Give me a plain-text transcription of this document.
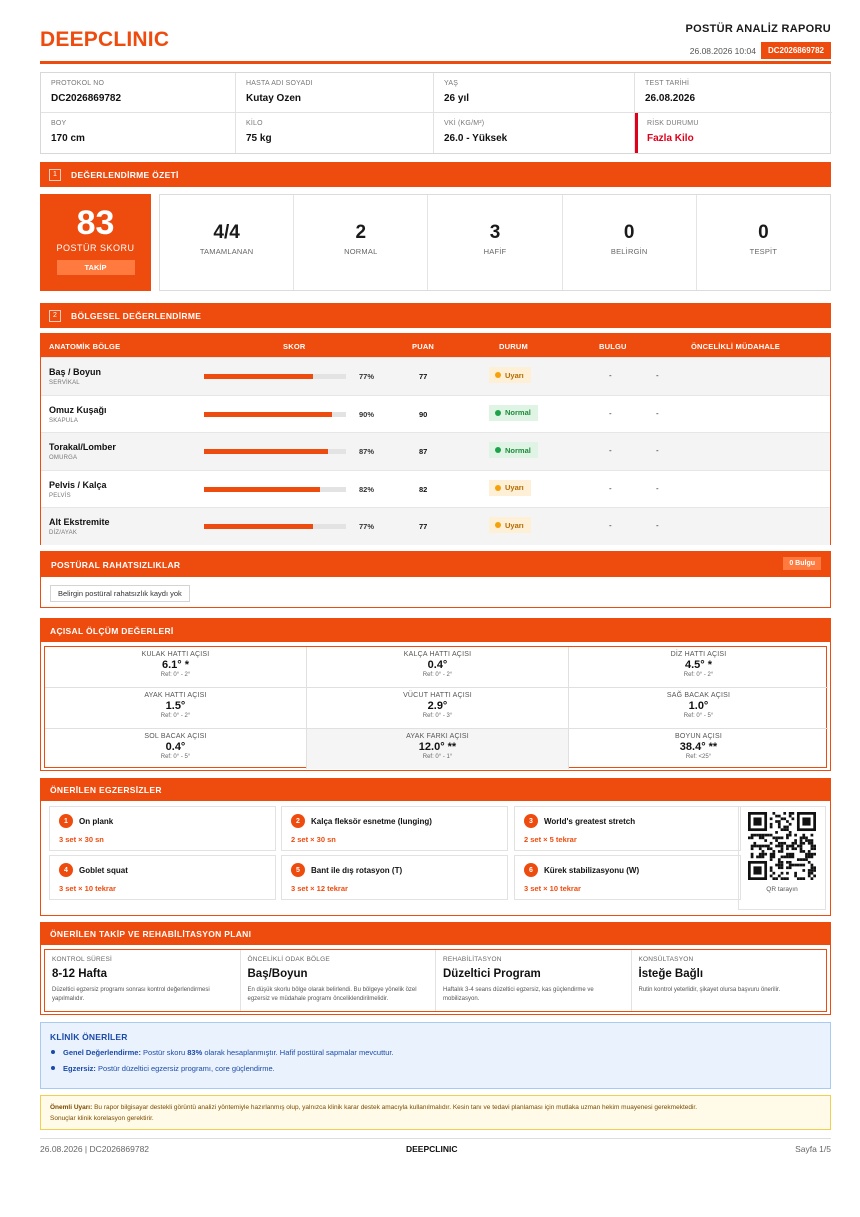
DEEPCLINIC	POSTÜR ANALİZ RAPORU
26.08.2026 10:04	DC2026869782
PROTOKOL NO
DC2026869782
HASTA ADI SOYADI
Kutay Ozen
YAŞ
26 yıl
TEST TARİHİ
26.08.2026
BOY
170 cm
KİLO
75 kg
VKİ (KG/M²)
26.0 - Yüksek
RİSK DURUMU
Fazla Kilo
1	DEĞERLENDİRME ÖZETİ
83
POSTÜR SKORU
TAKİP
4/4
TAMAMLANAN
2
NORMAL
3
HAFİF
0
BELİRGİN
0
TESPİT
2	BÖLGESEL DEĞERLENDİRME
ANATOMİK BÖLGE	SKOR	PUAN	DURUM	BULGU	ÖNCELİKLİ MÜDAHALE
Baş / Boyun
SERVİKAL
77%	77	Uyarı	-	-
Omuz Kuşağı
SKAPULA
90%	90	Normal	-	-
Torakal/Lomber
OMURGA
87%	87	Normal	-	-
Pelvis / Kalça
PELVİS
82%	82	Uyarı	-	-
Alt Ekstremite
DİZ/AYAK
77%	77	Uyarı	-	-
POSTÜRAL RAHATSIZLIKLAR	0 Bulgu
Belirgin postüral rahatsızlık kaydı yok
AÇISAL ÖLÇÜM DEĞERLERİ
KULAK HATTI AÇISI
6.1° *
Ref: 0° - 2°
KALÇA HATTI AÇISI
0.4°
Ref: 0° - 2°
DİZ HATTI AÇISI
4.5° *
Ref: 0° - 2°
AYAK HATTI AÇISI
1.5°
Ref: 0° - 2°
VÜCUT HATTI AÇISI
2.9°
Ref: 0° - 3°
SAĞ BACAK AÇISI
1.0°
Ref: 0° - 5°
SOL BACAK AÇISI
0.4°
Ref: 0° - 5°
AYAK FARKI AÇISI
12.0° **
Ref: 0° - 1°
BOYUN AÇISI
38.4° **
Ref: <25°
ÖNERİLEN EGZERSİZLER
1	On plank
3 set × 30 sn
2	Kalça fleksör esnetme (lunging)
2 set × 30 sn
3	World's greatest stretch
2 set × 5 tekrar
4	Goblet squat
3 set × 10 tekrar
5	Bant ile dış rotasyon (T)
3 set × 12 tekrar
6	Kürek stabilizasyonu (W)
3 set × 10 tekrar	QR tarayın
ÖNERİLEN TAKİP VE REHABİLİTASYON PLANI
KONTROL SÜRESİ
8-12 Hafta
Düzeltici egzersiz programı sonrası kontrol değerlendirmesi yapılmalıdır.
ÖNCELİKLİ ODAK BÖLGE
Baş/Boyun
En düşük skorlu bölge olarak belirlendi. Bu bölgeye yönelik özel egzersiz ve müdahale programı önceliklendirilmelidir.
REHABİLİTASYON
Düzeltici Program
Haftalık 3-4 seans düzeltici egzersiz, kas güçlendirme ve mobilizasyon.
KONSÜLTASYON
İsteğe Bağlı
Rutin kontrol yeterlidir, şikayet olursa başvuru önerilir.
KLİNİK ÖNERİLER
Genel Değerlendirme: Postür skoru 83% olarak hesaplanmıştır. Hafif postüral sapmalar mevcuttur.
Egzersiz: Postür düzeltici egzersiz programı, core güçlendirme.
Önemli Uyarı: Bu rapor bilgisayar destekli görüntü analizi yöntemiyle hazırlanmış olup, yalnızca klinik karar destek amacıyla kullanılmalıdır. Kesin tanı ve tedavi planlaması için mutlaka uzman hekim muayenesi gerekmektedir.
Sonuçlar klinik korelasyon gerektirir.
26.08.2026 | DC2026869782	DEEPCLINIC	Sayfa 1/5
